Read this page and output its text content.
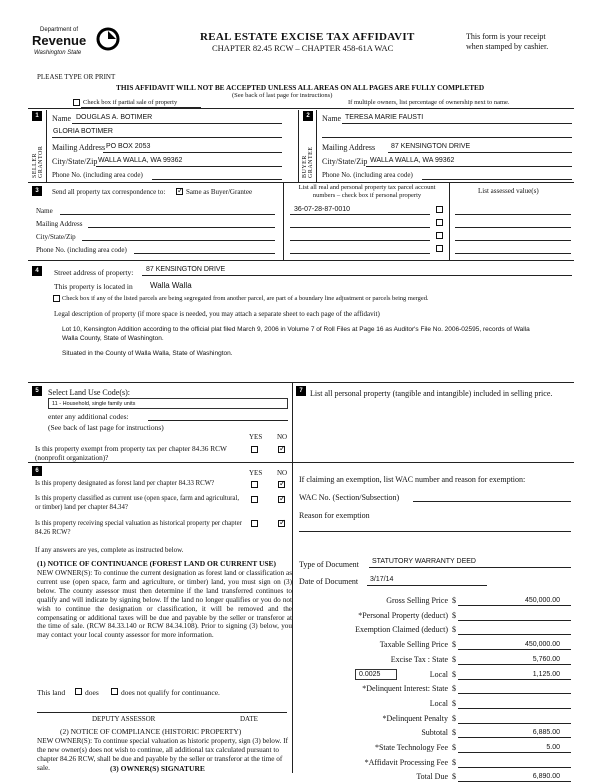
Department of
Revenue
Washington State
REAL ESTATE EXCISE TAX AFFIDAVIT
CHAPTER 82.45 RCW – CHAPTER 458-61A WAC
This form is your receipt
when stamped by cashier.
PLEASE TYPE OR PRINT
THIS AFFIDAVIT WILL NOT BE ACCEPTED UNLESS ALL AREAS ON ALL PAGES ARE FULLY COMPLETED
(See back of last page for instructions)
Check box if partial sale of property	If multiple owners, list percentage of ownership next to name.
1
SELLER GRANTOR
Name DOUGLAS A. BOTIMER
GLORIA BOTIMER
Mailing Address PO BOX 2053
City/State/Zip WALLA WALLA, WA 99362
Phone No. (including area code)
2
BUYER GRANTEE
Name TERESA MARIE FAUSTI
Mailing Address 87 KENSINGTON DRIVE
City/State/Zip WALLA WALLA, WA 99362
Phone No. (including area code)
3	Send all property tax correspondence to:
✓	Same as Buyer/Grantee
Name
Mailing Address
City/State/Zip
Phone No. (including area code)
List all real and personal property tax parcel account numbers – check box if personal property
List assessed value(s)
36-07-28-87-0010
4	Street address of property: 87 KENSINGTON DRIVE
This property is located in Walla Walla
Check box if any of the listed parcels are being segregated from another parcel, are part of a boundary line adjustment or parcels being merged.
Legal description of property (if more space is needed, you may attach a separate sheet to each page of the affidavit)
Lot 10, Kensington Addition according to the official plat filed March 9, 2006 in Volume 7 of Roll Files at Page 16 as Auditor's File No. 2006-02595, records of Walla Walla County, State of Washington.
Situated in the County of Walla Walla, State of Washington.
5	Select Land Use Code(s):
11 - Household, single family units
enter any additional codes:
(See back of last page for instructions)
YES NO
Is this property exempt from property tax per chapter 84.36 RCW (nonprofit organization)?
✓
7 List all personal property (tangible and intangible) included in selling price.
6	YES NO
Is this property designated as forest land per chapter 84.33 RCW?
✓
Is this property classified as current use (open space, farm and agricultural, or timber) land per chapter 84.34?
✓
Is this property receiving special valuation as historical property per chapter 84.26 RCW?
✓
If any answers are yes, complete as instructed below.
(1) NOTICE OF CONTINUANCE (FOREST LAND OR CURRENT USE)
NEW OWNER(S): To continue the current designation as forest land or classification as current use (open space, farm and agriculture, or timber) land, you must sign on (3) below. The county assessor must then determine if the land transferred continues to qualify and will indicate by signing below. If the land no longer qualifies or you do not wish to continue the designation or classification, it will be removed and the compensating or additional taxes will be due and payable by the seller or transferor at the time of sale. (RCW 84.33.140 or RCW 84.34.108). Prior to signing (3) below, you may contact your local county assessor for more information.
This land	does	does not qualify for continuance.
DEPUTY ASSESSOR	DATE
(2) NOTICE OF COMPLIANCE (HISTORIC PROPERTY)
NEW OWNER(S): To continue special valuation as historic property, sign (3) below. If the new owner(s) does not wish to continue, all additional tax calculated pursuant to chapter 84.26 RCW, shall be due and payable by the seller or transferor at the time of sale.	(3) OWNER(S) SIGNATURE
If claiming an exemption, list WAC number and reason for exemption:
WAC No. (Section/Subsection)
Reason for exemption
Type of Document STATUTORY WARRANTY DEED
Date of Document 3/17/14
Gross Selling Price $	450,000.00
*Personal Property (deduct) $
Exemption Claimed (deduct) $
Taxable Selling Price $	450,000.00
Excise Tax : State $	5,760.00
Local $	1,125.00
0.0025
*Delinquent Interest: State $
Local $
*Delinquent Penalty $
Subtotal $	6,885.00
*State Technology Fee $	5.00
*Affidavit Processing Fee $
Total Due $	6,890.00
